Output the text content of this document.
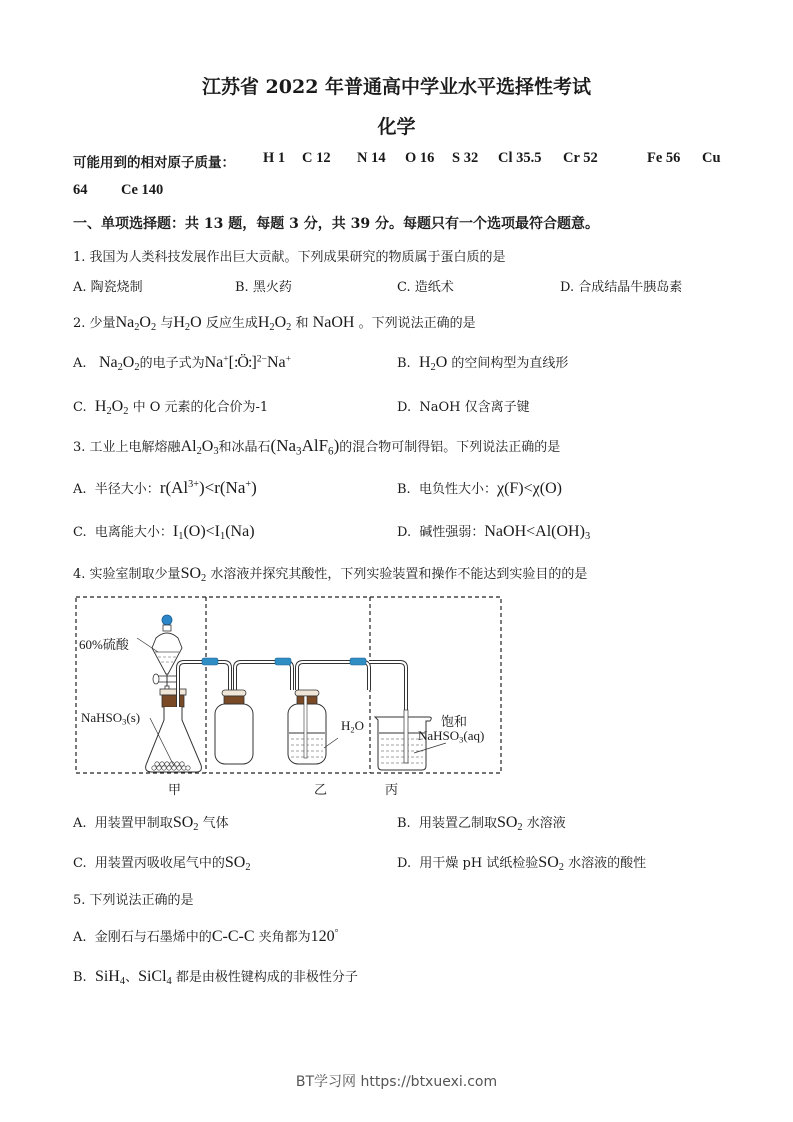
江苏省 2022 年普通高中学业水平选择性考试
化学
可能用到的相对原子质量： H 1 C 12 N 14 O 16 S 32 Cl 35.5 Cr 52	Fe 56 Cu
64 Ce 140
一、单项选择题：共 13 题，每题 3 分，共 39 分。每题只有一个选项最符合题意。
1. 我国为人类科技发展作出巨大贡献。下列成果研究的物质属于蛋白质的是
A. 陶瓷烧制	B. 黑火药	C. 造纸术	D. 合成结晶牛胰岛素
2. 少量$Na_2O_2$ 与$H_2O$ 反应生成$H_2O_2$ 和 NaOH 。下列说法正确的是
A. $Na_2O_2$的电子式为Na+[:Ö:]$^{2-}$Na+	B. $H_2O$ 的空间构型为直线形
C. $H_2O_2$ 中 O 元素的化合价为-1	D. NaOH 仅含离子键
3. 工业上电解熔融$Al_2O_3$和冰晶石$(Na_3AlF_6)$的混合物可制得铝。下列说法正确的是
A. 半径大小：$r(Al^{3+})<r(Na^+)$	B. 电负性大小：χ(F)<χ(O)
C. 电离能大小：$I_1(O)<I_1(Na)$	D. 碱性强弱：$NaOH<Al(OH)_3$
4. 实验室制取少量$SO_2$ 水溶液并探究其酸性，下列实验装置和操作不能达到实验目的的是
60%硫酸
NaHSO$_3$(s)
$H_2O$	饱和
NaHSO$_3$(aq)
甲	乙	丙
A. 用装置甲制取$SO_2$ 气体	B. 用装置乙制取$SO_2$ 水溶液
C. 用装置丙吸收尾气中的$SO_2$	D. 用干燥 pH 试纸检验$SO_2$ 水溶液的酸性
5. 下列说法正确的是
A. 金刚石与石墨烯中的C-C-C 夹角都为120°
B. SiH$_4$、SiCl$_4$ 都是由极性键构成的非极性分子
BT学习网 https://btxuexi.com
